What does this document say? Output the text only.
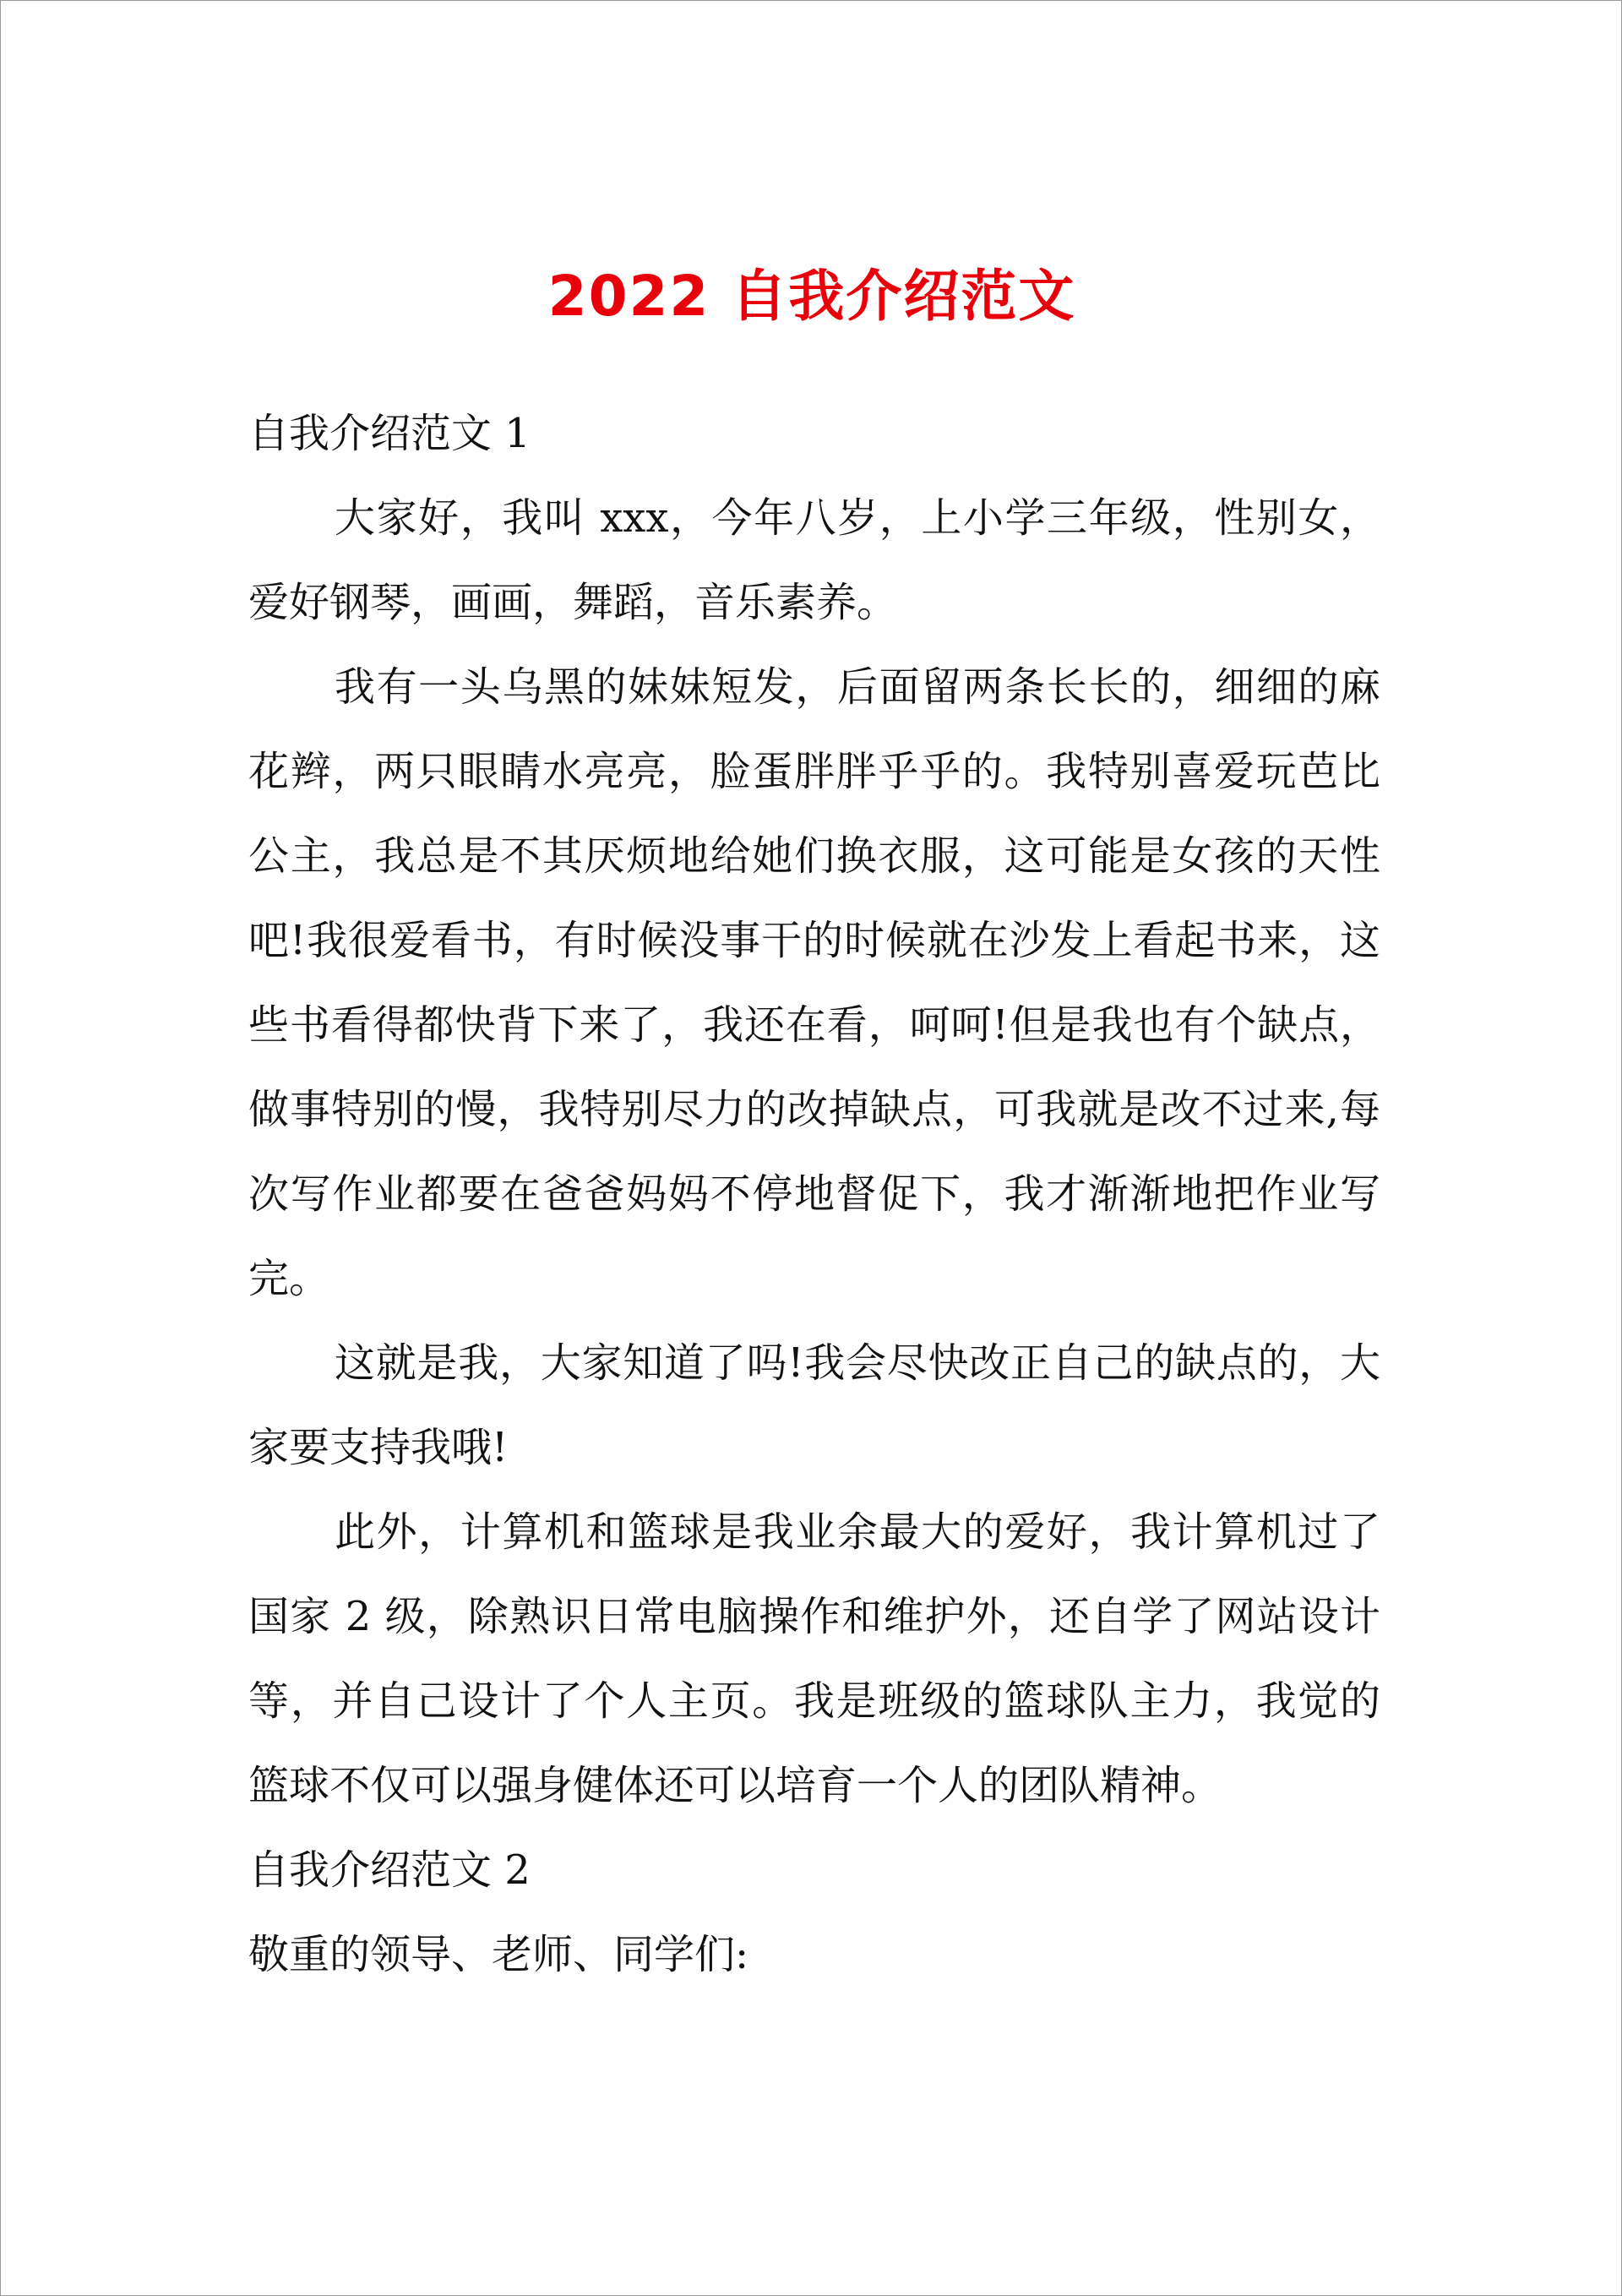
2022 自我介绍范文

自我介绍范文 1

大家好，我叫 xxx，今年八岁，上小学三年级，性别女，爱好钢琴，画画，舞蹈，音乐素养。

我有一头乌黑的妹妹短发，后面留两条长长的，细细的麻花辫，两只眼睛水亮亮，脸蛋胖胖乎乎的。我特别喜爱玩芭比公主，我总是不其厌烦地给她们换衣服，这可能是女孩的天性吧!我很爱看书，有时候没事干的时候就在沙发上看起书来，这些书看得都快背下来了，我还在看，呵呵!但是我也有个缺点，做事特别的慢，我特别尽力的改掉缺点，可我就是改不过来,每次写作业都要在爸爸妈妈不停地督促下，我才渐渐地把作业写完。

这就是我，大家知道了吗!我会尽快改正自己的缺点的，大家要支持我哦!

此外，计算机和篮球是我业余最大的爱好，我计算机过了国家 2 级，除熟识日常电脑操作和维护外，还自学了网站设计等，并自己设计了个人主页。我是班级的篮球队主力，我觉的篮球不仅可以强身健体还可以培育一个人的团队精神。

自我介绍范文 2

敬重的领导、老师、同学们:
